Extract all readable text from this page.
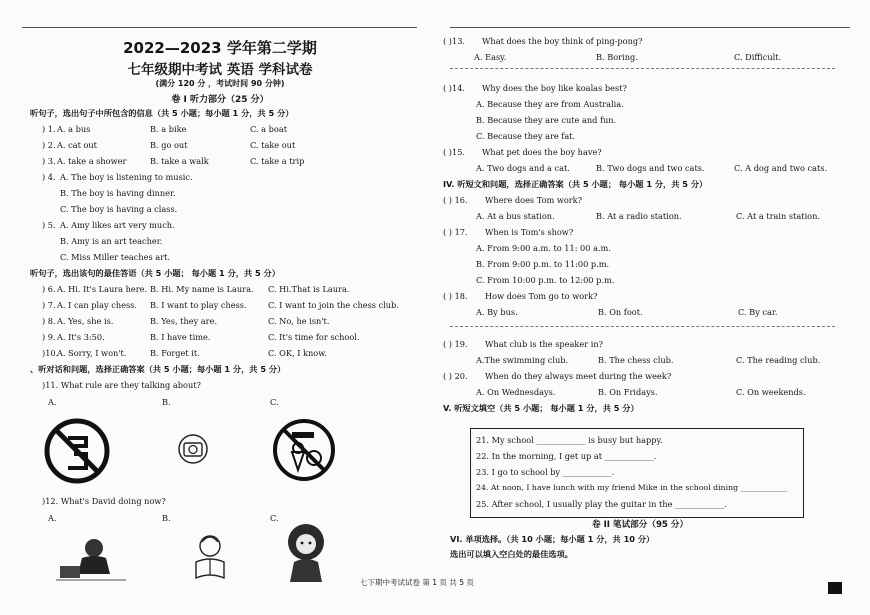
2022—2023 学年第二学期
七年级期中考试 英语 学科试卷
(满分 120 分 ，考试时间 90 分钟)
卷 I 听力部分（25 分）
听句子，选出句子中所包含的信息（共 5 小题；每小题 1 分，共 5 分）
) 1. A. a bus	B. a bike	C. a boat
) 2. A. cat out	B. go out	C. take out
) 3. A. take a shower	B. take a walk	C. take a trip
) 4. A. The boy is listening to music.
B. The boy is having dinner.
C. The boy is having a class.
) 5. A. Amy likes art very much.
B. Amy is an art teacher.
C. Miss Miller teaches art.
听句子，选出该句的最佳答语（共 5 小题； 每小题 1 分，共 5 分）
) 6. A. Hi. It's Laura here. B. Hi. My name is Laura. C. Hi.That is Laura.
) 7. A. I can play chess. B. I want to play chess.	C. I want to join the chess club.
) 8. A. Yes, she is.	B. Yes, they are.	C. No, he isn't.
) 9. A. It's 3:50.	B. I have time.	C. It's time for school.
)10.
A. Sorry, I won't.	B. Forget it.	C. OK, I know.
、听对话和问题，选择正确答案（共 5 小题；每小题 1 分，共 5 分）
)11. What rule are they talking about?
A.	B.	C.
)12. What's David doing now?
A.	B.	C.
( )13. What does the boy think of ping-pong?
A. Easy.	B. Boring.	C. Difficult.
( )14. Why does the boy like koalas best?
A. Because they are from Australia.
B. Because they are cute and fun.
C. Because they are fat.
( )15. What pet does the boy have?
A. Two dogs and a cat.	B. Two dogs and two cats.	C. A dog and two cats.
IV. 听短文和问题，选择正确答案（共 5 小题； 每小题 1 分，共 5 分）
( ) 16. Where does Tom work?
A. At a bus station.	B. At a radio station.	C. At a train station.
( ) 17. When is Tom's show?
A. From 9:00 a.m. to 11: 00 a.m.
B. From 9:00 p.m. to 11:00 p.m.
C. From 10:00 p.m. to 12:00 p.m.
( ) 18. How does Tom go to work?
A. By bus.	B. On foot.	C. By car.
( ) 19. What club is the speaker in?
A.The swimming club.	B. The chess club.	C. The reading club.
( ) 20. When do they always meet during the week?
A. On Wednesdays.	B. On Fridays.	C. On weekends.
V. 听短文填空（共 5 小题； 每小题 1 分，共 5 分）
21. My school ____________ is busy but happy.
22. In the morning, I get up at ____________.
23. I go to school by ____________.
24. At noon, I have lunch with my friend Mike in the school dining ____________
25. After school, I usually play the guitar in the ____________.
卷 II 笔试部分（95 分）
VI. 单项选择。（共 10 小题；每小题 1 分，共 10 分）
选出可以填入空白处的最佳选项。
七下期中考试试卷 第 1 页 共 5 页
